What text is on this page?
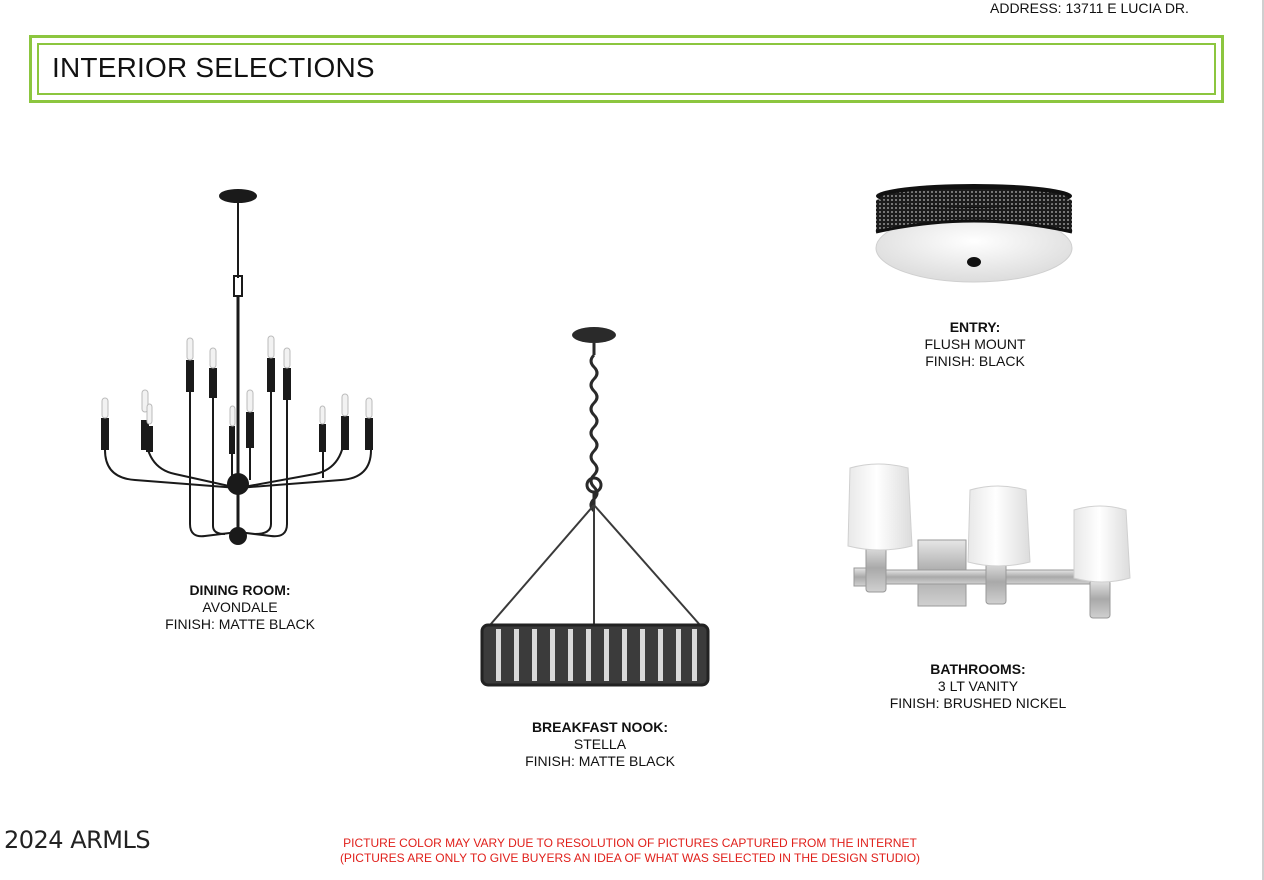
ADDRESS: 13711 E LUCIA DR.
INTERIOR SELECTIONS
DINING ROOM:
AVONDALE
FINISH: MATTE BLACK
BREAKFAST NOOK:
STELLA
FINISH: MATTE BLACK
ENTRY:
FLUSH MOUNT
FINISH: BLACK
BATHROOMS:
3 LT VANITY
FINISH: BRUSHED NICKEL
2024 ARMLS	PICTURE COLOR MAY VARY DUE TO RESOLUTION OF PICTURES CAPTURED FROM THE INTERNET
(PICTURES ARE ONLY TO GIVE BUYERS AN IDEA OF WHAT WAS SELECTED IN THE DESIGN STUDIO)
